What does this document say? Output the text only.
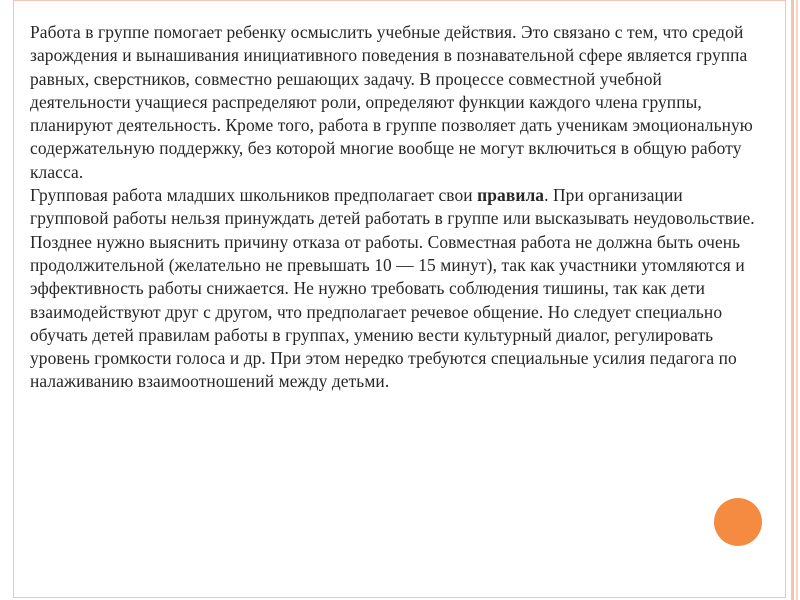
Работа в группе помогает ребенку осмыслить учебные действия. Это связано с тем, что средой зарождения и вынашивания инициативного поведения в познавательной сфере является группа равных, сверстников, совместно решающих задачу. В процессе совместной учебной деятельности учащиеся распределяют роли, определяют функции каждого члена группы, планируют деятельность. Кроме того, работа в группе позволяет дать ученикам эмоциональную содержательную поддержку, без которой многие вообще не могут включиться в общую работу класса.

Групповая работа младших школьников предполагает свои правила. При организации групповой работы нельзя принуждать детей работать в группе или высказывать неудовольствие. Позднее нужно выяснить причину отказа от работы. Совместная работа не должна быть очень продолжительной (желательно не превышать 10 — 15 минут), так как участники утомляются и эффективность работы снижается. Не нужно требовать соблюдения тишины, так как дети взаимодействуют друг с другом, что предполагает речевое общение. Но следует специально обучать детей правилам работы в группах, умению вести культурный диалог, регулировать уровень громкости голоса и др. При этом нередко требуются специальные усилия педагога по налаживанию взаимоотношений между детьми.
